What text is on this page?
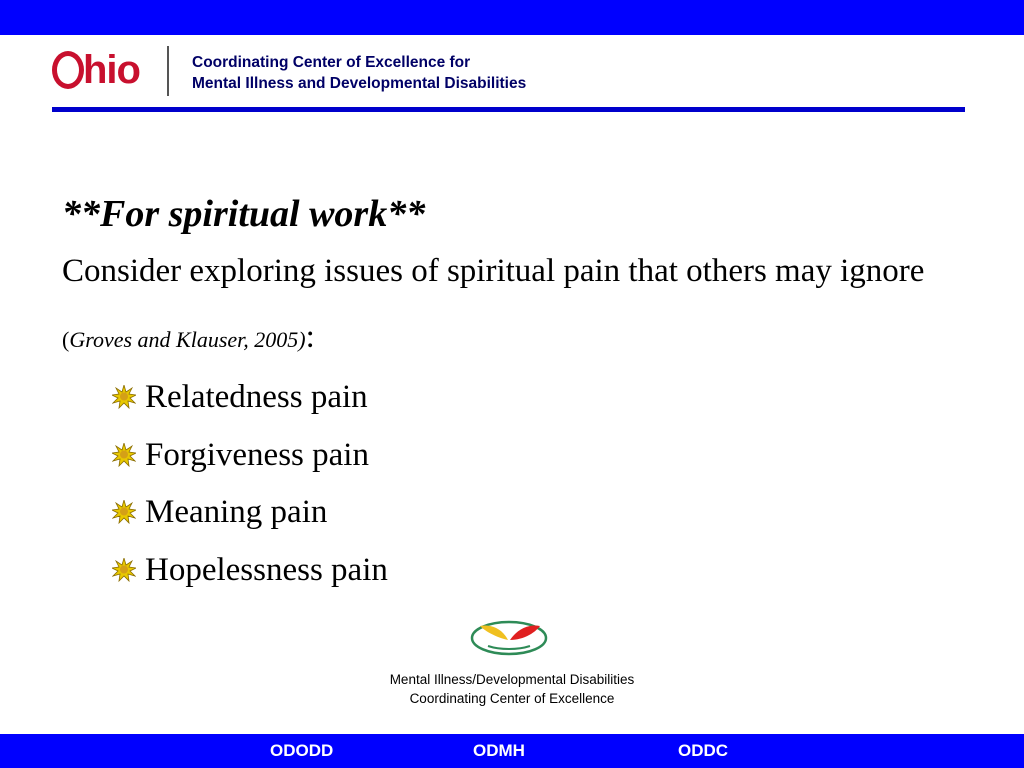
hio	Coordinating Center of Excellence for
Mental Illness and Developmental Disabilities
**For spiritual work**

Consider exploring issues of spiritual pain that others may ignore (Groves and Klauser, 2005):

Relatedness pain
Forgiveness pain
Meaning pain
Hopelessness pain
Mental Illness/Developmental Disabilities Coordinating Center of Excellence
ODODD	ODMH	ODDC
